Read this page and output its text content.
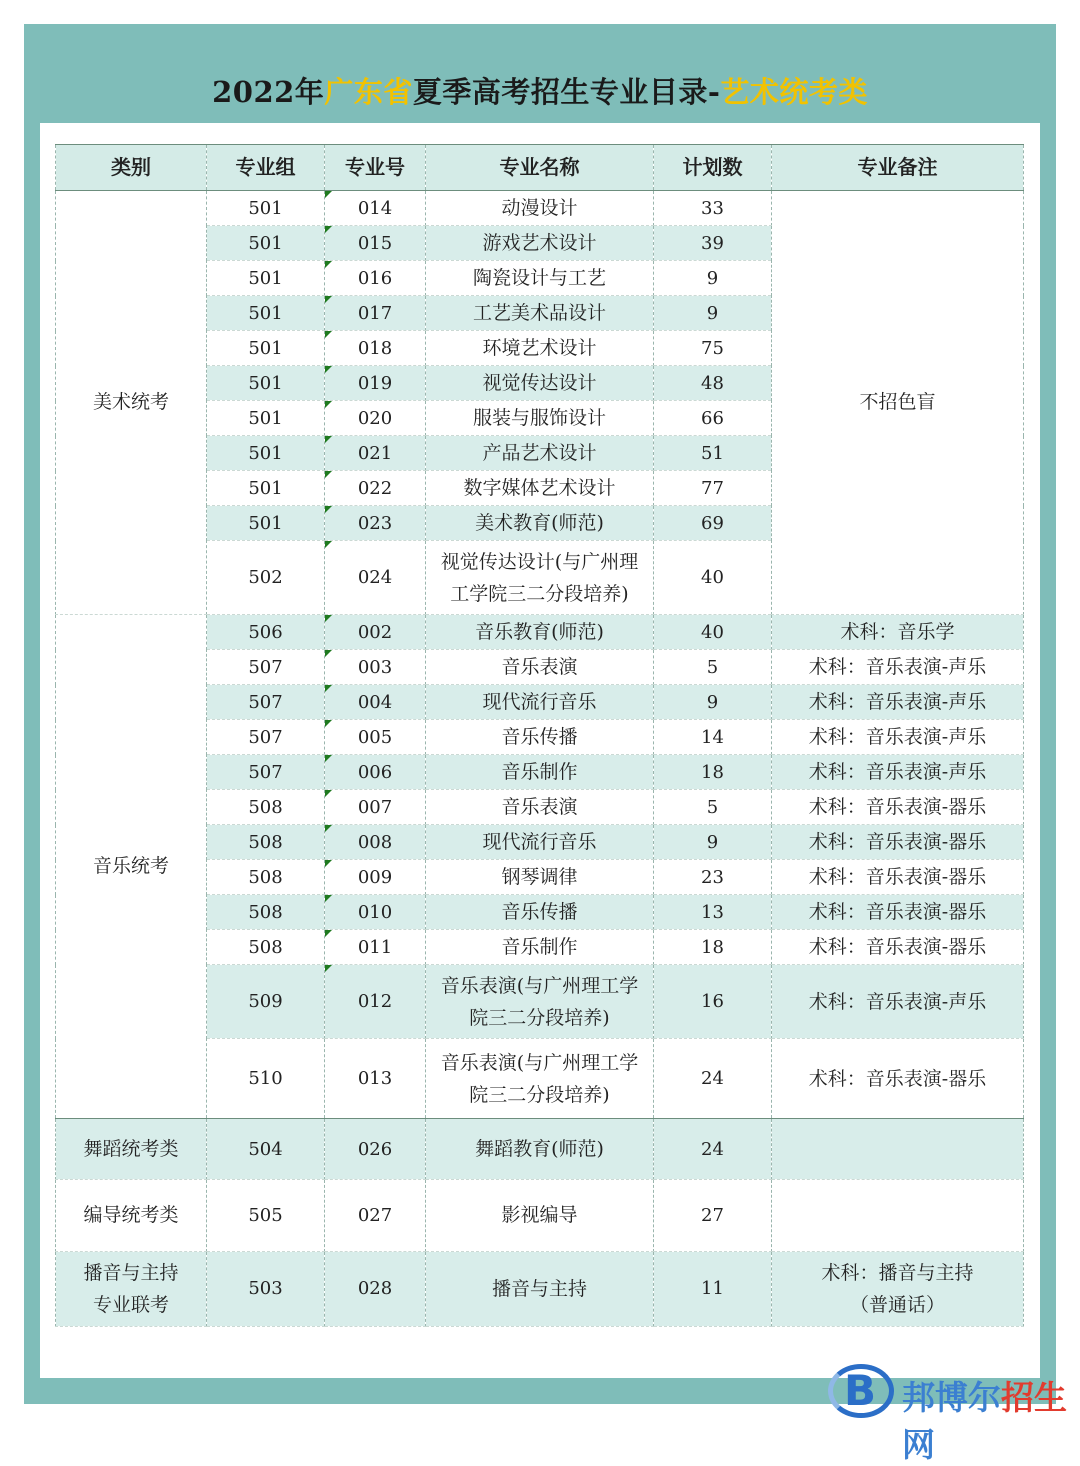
2022年广东省夏季高考招生专业目录-艺术统考类
类别	专业组	专业号	专业名称	计划数	专业备注
美术统考	501	014	动漫设计	33	不招色盲
	501	015	游戏艺术设计	39	
	501	016	陶瓷设计与工艺	9	
	501	017	工艺美术品设计	9	
	501	018	环境艺术设计	75	
	501	019	视觉传达设计	48	
	501	020	服装与服饰设计	66	
	501	021	产品艺术设计	51	
	501	022	数字媒体艺术设计	77	
	501	023	美术教育(师范)	69	
	502	024	视觉传达设计(与广州理
工学院三二分段培养)	40	
音乐统考	506	002	音乐教育(师范)	40	术科：音乐学
	507	003	音乐表演	5	术科：音乐表演-声乐
	507	004	现代流行音乐	9	术科：音乐表演-声乐
	507	005	音乐传播	14	术科：音乐表演-声乐
	507	006	音乐制作	18	术科：音乐表演-声乐
	508	007	音乐表演	5	术科：音乐表演-器乐
	508	008	现代流行音乐	9	术科：音乐表演-器乐
	508	009	钢琴调律	23	术科：音乐表演-器乐
	508	010	音乐传播	13	术科：音乐表演-器乐
	508	011	音乐制作	18	术科：音乐表演-器乐
	509	012	音乐表演(与广州理工学
院三二分段培养)	16	术科：音乐表演-声乐
	510	013	音乐表演(与广州理工学
院三二分段培养)	24	术科：音乐表演-器乐
舞蹈统考类	504	026	舞蹈教育(师范)	24	
编导统考类	505	027	影视编导	27	
播音与主持
专业联考	503	028	播音与主持	11	术科：播音与主持
（普通话）
B 邦博尔招生网
